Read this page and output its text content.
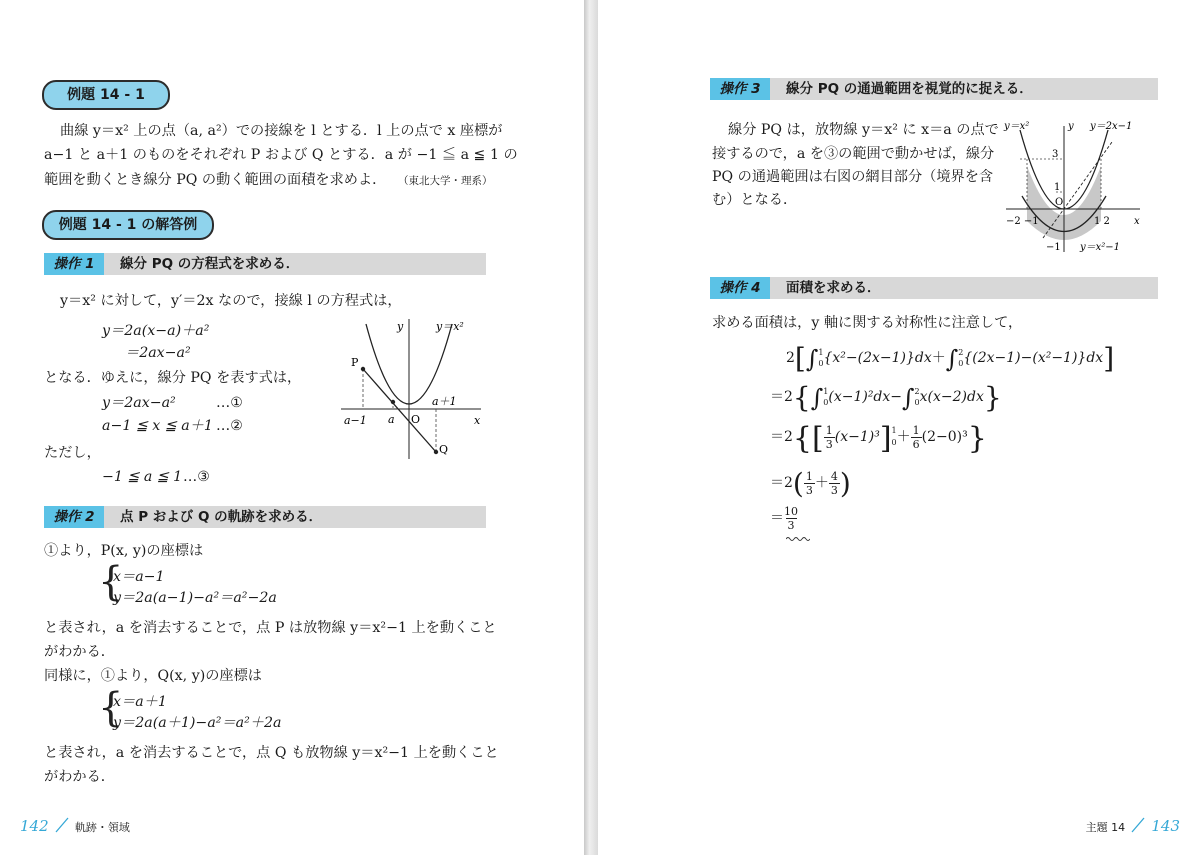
例題 14 - 1
曲線 y＝x² 上の点（a, a²）での接線を l とする．l 上の点で x 座標が
a−1 と a＋1 のものをそれぞれ P および Q とする．a が −1 ≦ a ≦ 1 の
範囲を動くとき線分 PQ の動く範囲の面積を求めよ． （東北大学・理系）
例題 14 - 1 の解答例
操作 1	線分 PQ の方程式を求める．
y＝x² に対して，y′＝2x なので，接線 l の方程式は，
y＝2a(x−a)＋a²
＝2ax−a²
となる．ゆえに，線分 PQ を表す式は，
y＝2ax−a²	…①
a−1 ≦ x ≦ a＋1 …②
ただし，
−1 ≦ a ≦ 1 …③
y	y＝x²
x
P
Q
O
a−1 a
a＋1
操作 2	点 P および Q の軌跡を求める．
①より，P(x, y)の座標は
{
x＝a−1
y＝2a(a−1)−a²＝a²−2a
と表され，a を消去することで，点 P は放物線 y＝x²−1 上を動くこと
がわかる．
同様に，①より，Q(x, y)の座標は
{
x＝a＋1
y＝2a(a＋1)−a²＝a²＋2a
と表され，a を消去することで，点 Q も放物線 y＝x²−1 上を動くこと
がわかる．
142 軌跡・領域
操作 3	線分 PQ の通過範囲を視覚的に捉える．
線分 PQ は，放物線 y＝x² に x＝a の点で
接するので，a を③の範囲で動かせば，線分
PQ の通過範囲は右図の網目部分（境界を含
む）となる．
y＝x²	y y＝2x−1
3
1
O
−2 −1	1 2 x
−1 y＝x²−1
操作 4	面積を求める．
求める面積は，y 軸に関する対称性に注意して，
2[∫1
0{x²−(2x−1)}dx＋∫2
0{(2x−1)−(x²−1)}dx]
＝2{∫1
0(x−1)²dx−∫2
0x(x−2)dx}
$=2\{[\frac{1}{3}(x-1)^3]1$
$0+\frac{1}{6}(2-0)^3$}
$=2(\frac{1}{3}+\frac{4}{3})$
$=\frac{10}{3}$
主題 14 143
